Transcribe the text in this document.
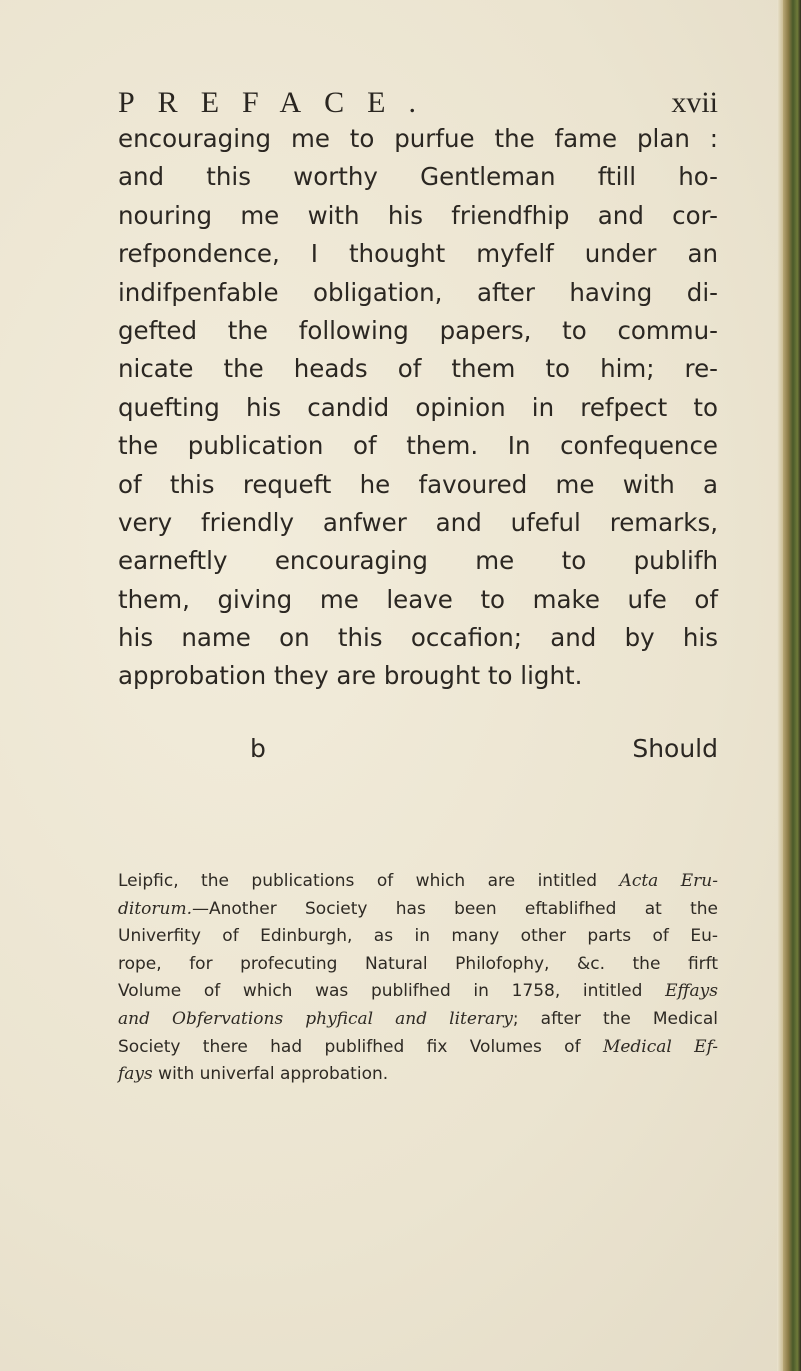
PREFACE.	xvii
encouraging me to purfue the fame plan :
and this worthy Gentleman ftill ho-
nouring me with his friendfhip and cor-
refpondence, I thought myfelf under an
indifpenfable obligation, after having di-
gefted the following papers, to commu-
nicate the heads of them to him; re-
quefting his candid opinion in refpect to
the publication of them. In confequence
of this requeft he favoured me with a
very friendly anfwer and ufeful remarks,
earneftly encouraging me to publifh
them, giving me leave to make ufe of
his name on this occafion; and by his
approbation they are brought to light.
b	Should
Leipfic, the publications of which are intitled Acta Eru-
ditorum.—Another Society has been eftablifhed at the
Univerfity of Edinburgh, as in many other parts of Eu-
rope, for profecuting Natural Philofophy, &c. the firft
Volume of which was publifhed in 1758, intitled Effays
and Obfervations phyfical and literary; after the Medical
Society there had publifhed fix Volumes of Medical Ef-
fays with univerfal approbation.
